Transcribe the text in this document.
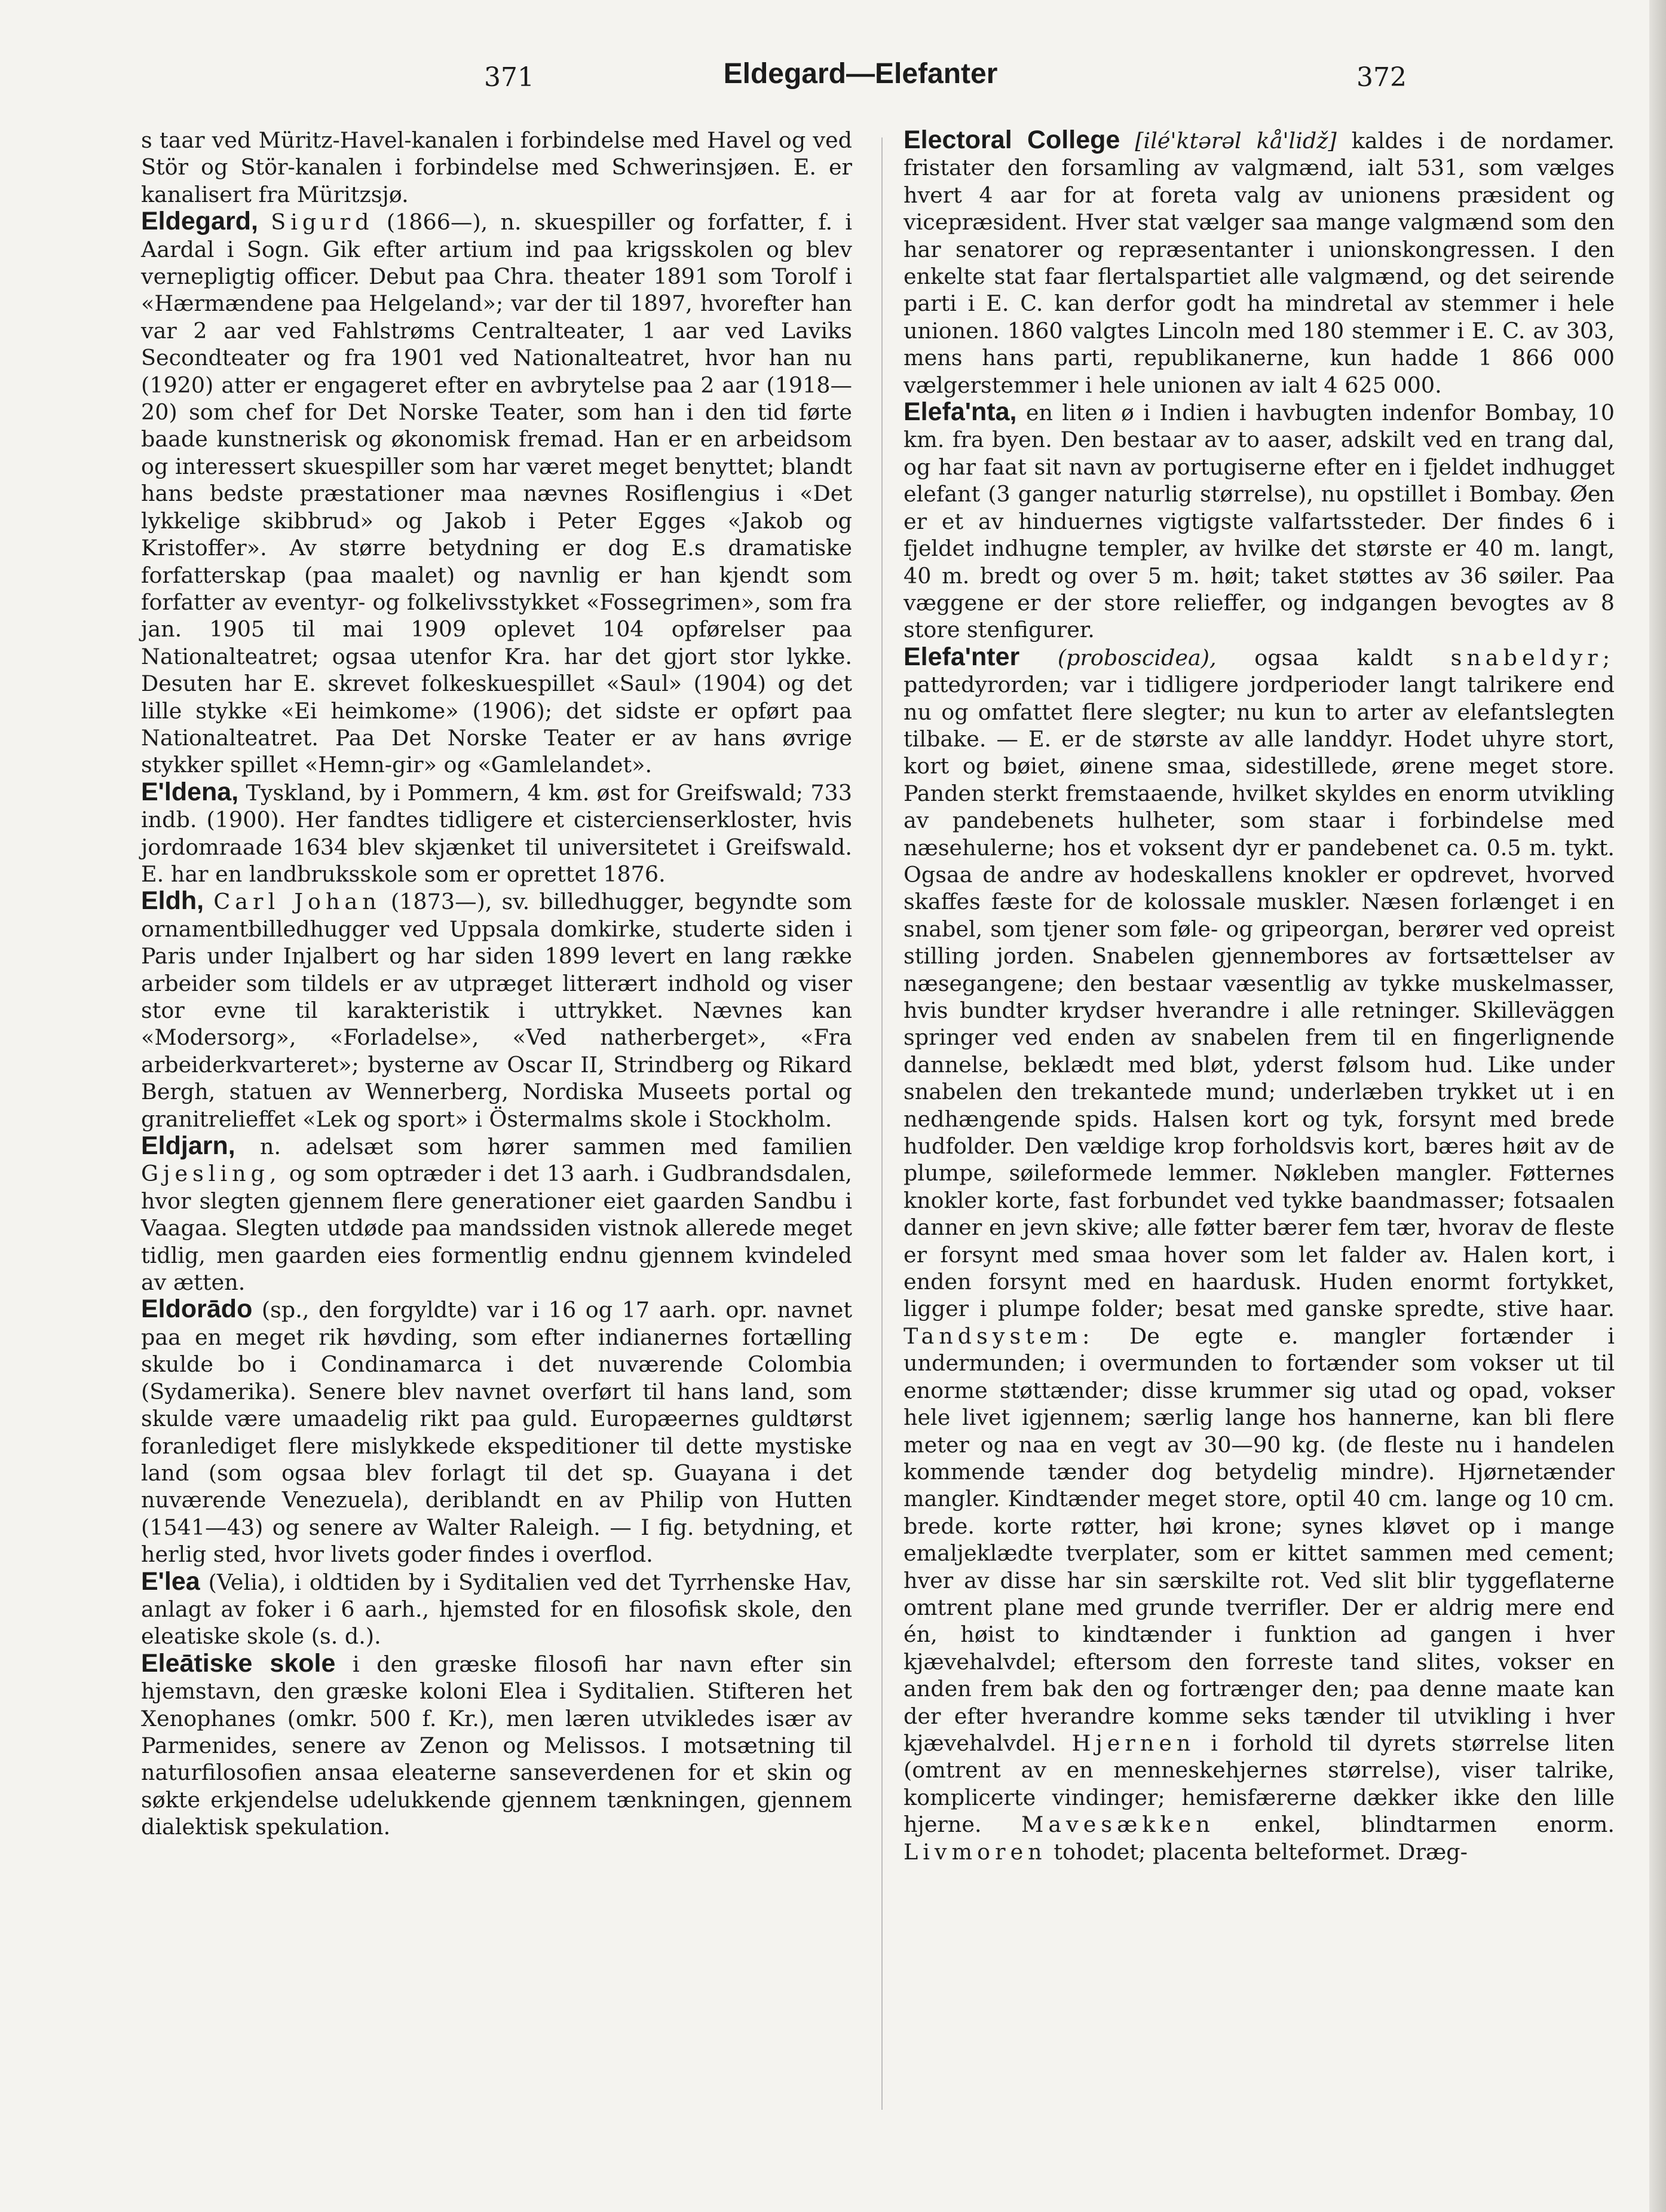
371	Eldegard—Elefanter	372

s taar ved Müritz-Havel-kanalen i forbindelse med Havel og ved Stör og Stör-kanalen i forbindelse med Schwerinsjøen. E. er kanalisert fra Müritzsjø.

Eldegard, Sigurd (1866—), n. skuespiller og forfatter, f. i Aardal i Sogn. Gik efter artium ind paa krigsskolen og blev vernepligtig officer. Debut paa Chra. theater 1891 som Torolf i «Hærmændene paa Helgeland»; var der til 1897, hvorefter han var 2 aar ved Fahlstrøms Centralteater, 1 aar ved Laviks Secondteater og fra 1901 ved Nationalteatret, hvor han nu (1920) atter er engageret efter en avbrytelse paa 2 aar (1918—20) som chef for Det Norske Teater, som han i den tid førte baade kunstnerisk og økonomisk fremad. Han er en arbeidsom og interessert skuespiller som har været meget benyttet; blandt hans bedste præstationer maa nævnes Rosiflengius i «Det lykkelige skibbrud» og Jakob i Peter Egges «Jakob og Kristoffer». Av større betydning er dog E.s dramatiske forfatterskap (paa maalet) og navnlig er han kjendt som forfatter av eventyr- og folkelivsstykket «Fossegrimen», som fra jan. 1905 til mai 1909 oplevet 104 opførelser paa Nationalteatret; ogsaa utenfor Kra. har det gjort stor lykke. Desuten har E. skrevet folkeskuespillet «Saul» (1904) og det lille stykke «Ei heimkome» (1906); det sidste er opført paa Nationalteatret. Paa Det Norske Teater er av hans øvrige stykker spillet «Hemn-gir» og «Gamlelandet».

E'ldena, Tyskland, by i Pommern, 4 km. øst for Greifswald; 733 indb. (1900). Her fandtes tidligere et cistercienserkloster, hvis jordomraade 1634 blev skjænket til universitetet i Greifswald. E. har en landbruksskole som er oprettet 1876.

Eldh, Carl Johan (1873—), sv. billedhugger, begyndte som ornamentbilledhugger ved Uppsala domkirke, studerte siden i Paris under Injalbert og har siden 1899 levert en lang række arbeider som tildels er av utpræget litterært indhold og viser stor evne til karakteristik i uttrykket. Nævnes kan «Modersorg», «Forladelse», «Ved natherberget», «Fra arbeiderkvarteret»; bysterne av Oscar II, Strindberg og Rikard Bergh, statuen av Wennerberg, Nordiska Museets portal og granitrelieffet «Lek og sport» i Östermalms skole i Stockholm.

Eldjarn, n. adelsæt som hører sammen med familien Gjesling, og som optræder i det 13 aarh. i Gudbrandsdalen, hvor slegten gjennem flere generationer eiet gaarden Sandbu i Vaagaa. Slegten utdøde paa mandssiden vistnok allerede meget tidlig, men gaarden eies formentlig endnu gjennem kvindeled av ætten.

Eldorādo (sp., den forgyldte) var i 16 og 17 aarh. opr. navnet paa en meget rik høvding, som efter indianernes fortælling skulde bo i Condinamarca i det nuværende Colombia (Sydamerika). Senere blev navnet overført til hans land, som skulde være umaadelig rikt paa guld. Europæernes guldtørst foranlediget flere mislykkede ekspeditioner til dette mystiske land (som ogsaa blev forlagt til det sp. Guayana i det nuværende Venezuela), deriblandt en av Philip von Hutten (1541—43) og senere av Walter Raleigh. — I fig. betydning, et herlig sted, hvor livets goder findes i overflod.

E'lea (Velia), i oldtiden by i Syditalien ved det Tyrrhenske Hav, anlagt av foker i 6 aarh., hjemsted for en filosofisk skole, den eleatiske skole (s. d.).

Eleātiske skole i den græske filosofi har navn efter sin hjemstavn, den græske koloni Elea i Syditalien. Stifteren het Xenophanes (omkr. 500 f. Kr.), men læren utvikledes især av Parmenides, senere av Zenon og Melissos. I motsætning til naturfilosofien ansaa eleaterne sanseverdenen for et skin og søkte erkjendelse udelukkende gjennem tænkningen, gjennem dialektisk spekulation.

Electoral College [ilé'ktərəl kå'lidž] kaldes i de nordamer. fristater den forsamling av valgmænd, ialt 531, som vælges hvert 4 aar for at foreta valg av unionens præsident og vicepræsident. Hver stat vælger saa mange valgmænd som den har senatorer og repræsentanter i unionskongressen. I den enkelte stat faar flertalspartiet alle valgmænd, og det seirende parti i E. C. kan derfor godt ha mindretal av stemmer i hele unionen. 1860 valgtes Lincoln med 180 stemmer i E. C. av 303, mens hans parti, republikanerne, kun hadde 1 866 000 vælgerstemmer i hele unionen av ialt 4 625 000.

Elefa'nta, en liten ø i Indien i havbugten indenfor Bombay, 10 km. fra byen. Den bestaar av to aaser, adskilt ved en trang dal, og har faat sit navn av portugiserne efter en i fjeldet indhugget elefant (3 ganger naturlig størrelse), nu opstillet i Bombay. Øen er et av hinduernes vigtigste valfartssteder. Der findes 6 i fjeldet indhugne templer, av hvilke det største er 40 m. langt, 40 m. bredt og over 5 m. høit; taket støttes av 36 søiler. Paa væggene er der store relieffer, og indgangen bevogtes av 8 store stenfigurer.

Elefa'nter (proboscidea), ogsaa kaldt snabeldyr; pattedyrorden; var i tidligere jordperioder langt talrikere end nu og omfattet flere slegter; nu kun to arter av elefantslegten tilbake. — E. er de største av alle landdyr. Hodet uhyre stort, kort og bøiet, øinene smaa, sidestillede, ørene meget store. Panden sterkt fremstaaende, hvilket skyldes en enorm utvikling av pandebenets hulheter, som staar i forbindelse med næsehulerne; hos et voksent dyr er pandebenet ca. 0.5 m. tykt. Ogsaa de andre av hodeskallens knokler er opdrevet, hvorved skaffes fæste for de kolossale muskler. Næsen forlænget i en snabel, som tjener som føle- og gripeorgan, berører ved opreist stilling jorden. Snabelen gjennembores av fortsættelser av næsegangene; den bestaar væsentlig av tykke muskelmasser, hvis bundter krydser hverandre i alle retninger. Skilleväggen springer ved enden av snabelen frem til en fingerlignende dannelse, beklædt med bløt, yderst følsom hud. Like under snabelen den trekantede mund; underlæben trykket ut i en nedhængende spids. Halsen kort og tyk, forsynt med brede hudfolder. Den vældige krop forholdsvis kort, bæres høit av de plumpe, søileformede lemmer. Nøkleben mangler. Føtternes knokler korte, fast forbundet ved tykke baandmasser; fotsaalen danner en jevn skive; alle føtter bærer fem tær, hvorav de fleste er forsynt med smaa hover som let falder av. Halen kort, i enden forsynt med en haardusk. Huden enormt fortykket, ligger i plumpe folder; besat med ganske spredte, stive haar. Tandsystem: De egte e. mangler fortænder i undermunden; i overmunden to fortænder som vokser ut til enorme støttænder; disse krummer sig utad og opad, vokser hele livet igjennem; særlig lange hos hannerne, kan bli flere meter og naa en vegt av 30—90 kg. (de fleste nu i handelen kommende tænder dog betydelig mindre). Hjørnetænder mangler. Kindtænder meget store, optil 40 cm. lange og 10 cm. brede. korte røtter, høi krone; synes kløvet op i mange emaljeklædte tverplater, som er kittet sammen med cement; hver av disse har sin særskilte rot. Ved slit blir tyggeflaterne omtrent plane med grunde tverrifler. Der er aldrig mere end én, høist to kindtænder i funktion ad gangen i hver kjævehalvdel; eftersom den forreste tand slites, vokser en anden frem bak den og fortrænger den; paa denne maate kan der efter hverandre komme seks tænder til utvikling i hver kjævehalvdel. Hjernen i forhold til dyrets størrelse liten (omtrent av en menneskehjernes størrelse), viser talrike, komplicerte vindinger; hemisfærerne dækker ikke den lille hjerne. Mavesækken enkel, blindtarmen enorm. Livmoren tohodet; placenta belteformet. Dræg-
